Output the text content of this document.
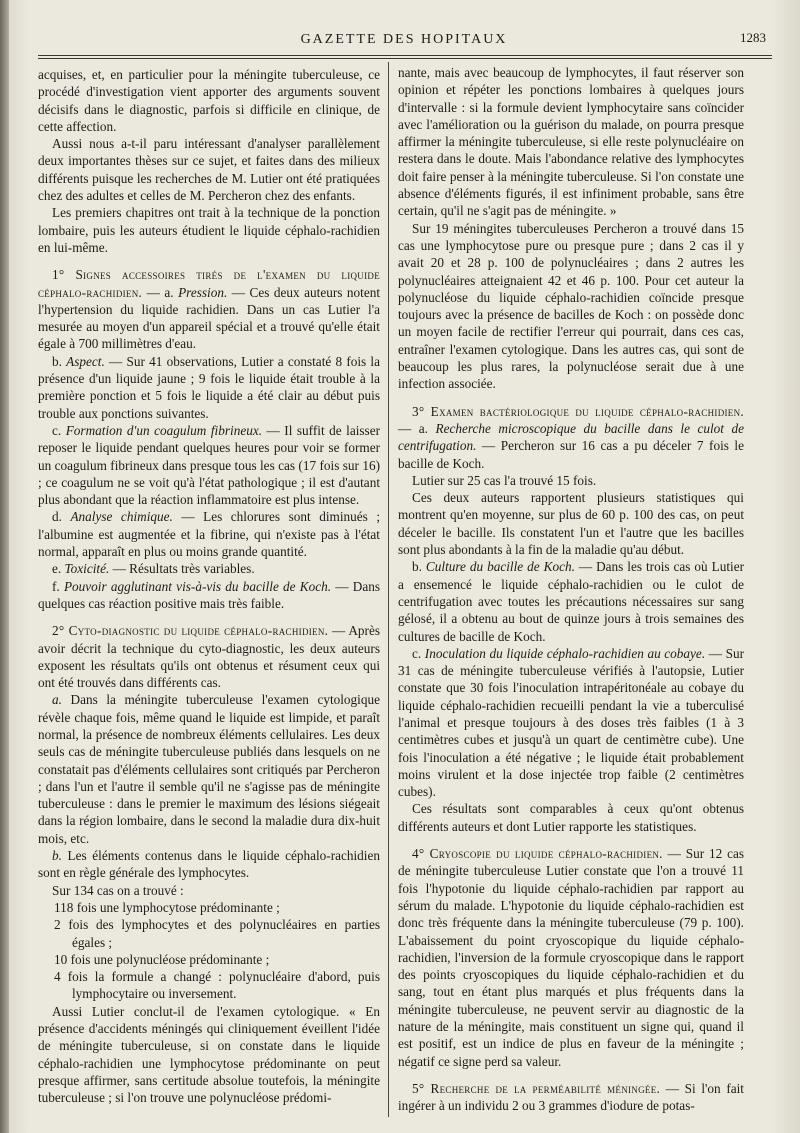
GAZETTE DES HOPITAUX	1283

acquises, et, en particulier pour la méningite tuberculeuse, ce procédé d'investigation vient apporter des arguments souvent décisifs dans le diagnostic, parfois si difficile en clinique, de cette affection.

Aussi nous a-t-il paru intéressant d'analyser parallèlement deux importantes thèses sur ce sujet, et faites dans des milieux différents puisque les recherches de M. Lutier ont été pratiquées chez des adultes et celles de M. Percheron chez des enfants.

Les premiers chapitres ont trait à la technique de la ponction lombaire, puis les auteurs étudient le liquide céphalo-rachidien en lui-même.

1° Signes accessoires tirés de l'examen du liquide céphalo-rachidien. — a. Pression. — Ces deux auteurs notent l'hypertension du liquide rachidien. Dans un cas Lutier l'a mesurée au moyen d'un appareil spécial et a trouvé qu'elle était égale à 700 millimètres d'eau.

b. Aspect. — Sur 41 observations, Lutier a constaté 8 fois la présence d'un liquide jaune ; 9 fois le liquide était trouble à la première ponction et 5 fois le liquide a été clair au début puis trouble aux ponctions suivantes.

c. Formation d'un coagulum fibrineux. — Il suffit de laisser reposer le liquide pendant quelques heures pour voir se former un coagulum fibrineux dans presque tous les cas (17 fois sur 16) ; ce coagulum ne se voit qu'à l'état pathologique ; il est d'autant plus abondant que la réaction inflammatoire est plus intense.

d. Analyse chimique. — Les chlorures sont diminués ; l'albumine est augmentée et la fibrine, qui n'existe pas à l'état normal, apparaît en plus ou moins grande quantité.

e. Toxicité. — Résultats très variables.

f. Pouvoir agglutinant vis-à-vis du bacille de Koch. — Dans quelques cas réaction positive mais très faible.

2° Cyto-diagnostic du liquide céphalo-rachidien. — Après avoir décrit la technique du cyto-diagnostic, les deux auteurs exposent les résultats qu'ils ont obtenus et résument ceux qui ont été trouvés dans différents cas.

a. Dans la méningite tuberculeuse l'examen cytologique révèle chaque fois, même quand le liquide est limpide, et paraît normal, la présence de nombreux éléments cellulaires. Les deux seuls cas de méningite tuberculeuse publiés dans lesquels on ne constatait pas d'éléments cellulaires sont critiqués par Percheron ; dans l'un et l'autre il semble qu'il ne s'agisse pas de méningite tuberculeuse : dans le premier le maximum des lésions siégeait dans la région lombaire, dans le second la maladie dura dix-huit mois, etc.

b. Les éléments contenus dans le liquide céphalo-rachidien sont en règle générale des lymphocytes.

Sur 134 cas on a trouvé :

118 fois une lymphocytose prédominante ;
2 fois des lymphocytes et des polynucléaires en parties égales ;
10 fois une polynucléose prédominante ;
4 fois la formule a changé : polynucléaire d'abord, puis lymphocytaire ou inversement.

Aussi Lutier conclut-il de l'examen cytologique. « En présence d'accidents méningés qui cliniquement éveillent l'idée de méningite tuberculeuse, si on constate dans le liquide céphalo-rachidien une lymphocytose prédominante on peut presque affirmer, sans certitude absolue toutefois, la méningite tuberculeuse ; si l'on trouve une polynucléose prédomi-

nante, mais avec beaucoup de lymphocytes, il faut réserver son opinion et répéter les ponctions lombaires à quelques jours d'intervalle : si la formule devient lymphocytaire sans coïncider avec l'amélioration ou la guérison du malade, on pourra presque affirmer la méningite tuberculeuse, si elle reste polynucléaire on restera dans le doute. Mais l'abondance relative des lymphocytes doit faire penser à la méningite tuberculeuse. Si l'on constate une absence d'éléments figurés, il est infiniment probable, sans être certain, qu'il ne s'agit pas de méningite. »

Sur 19 méningites tuberculeuses Percheron a trouvé dans 15 cas une lymphocytose pure ou presque pure ; dans 2 cas il y avait 20 et 28 p. 100 de polynucléaires ; dans 2 autres les polynucléaires atteignaient 42 et 46 p. 100. Pour cet auteur la polynucléose du liquide céphalo-rachidien coïncide presque toujours avec la présence de bacilles de Koch : on possède donc un moyen facile de rectifier l'erreur qui pourrait, dans ces cas, entraîner l'examen cytologique. Dans les autres cas, qui sont de beaucoup les plus rares, la polynucléose serait due à une infection associée.

3° Examen bactériologique du liquide céphalo-rachidien. — a. Recherche microscopique du bacille dans le culot de centrifugation. — Percheron sur 16 cas a pu déceler 7 fois le bacille de Koch.

Lutier sur 25 cas l'a trouvé 15 fois.

Ces deux auteurs rapportent plusieurs statistiques qui montrent qu'en moyenne, sur plus de 60 p. 100 des cas, on peut déceler le bacille. Ils constatent l'un et l'autre que les bacilles sont plus abondants à la fin de la maladie qu'au début.

b. Culture du bacille de Koch. — Dans les trois cas où Lutier a ensemencé le liquide céphalo-rachidien ou le culot de centrifugation avec toutes les précautions nécessaires sur sang gélosé, il a obtenu au bout de quinze jours à trois semaines des cultures de bacille de Koch.

c. Inoculation du liquide céphalo-rachidien au cobaye. — Sur 31 cas de méningite tuberculeuse vérifiés à l'autopsie, Lutier constate que 30 fois l'inoculation intrapéritonéale au cobaye du liquide céphalo-rachidien recueilli pendant la vie a tuberculisé l'animal et presque toujours à des doses très faibles (1 à 3 centimètres cubes et jusqu'à un quart de centimètre cube). Une fois l'inoculation a été négative ; le liquide était probablement moins virulent et la dose injectée trop faible (2 centimètres cubes).

Ces résultats sont comparables à ceux qu'ont obtenus différents auteurs et dont Lutier rapporte les statistiques.

4° Cryoscopie du liquide céphalo-rachidien. — Sur 12 cas de méningite tuberculeuse Lutier constate que l'on a trouvé 11 fois l'hypotonie du liquide céphalo-rachidien par rapport au sérum du malade. L'hypotonie du liquide céphalo-rachidien est donc très fréquente dans la méningite tuberculeuse (79 p. 100). L'abaissement du point cryoscopique du liquide céphalo-rachidien, l'inversion de la formule cryoscopique dans le rapport des points cryoscopiques du liquide céphalo-rachidien et du sang, tout en étant plus marqués et plus fréquents dans la méningite tuberculeuse, ne peuvent servir au diagnostic de la nature de la méningite, mais constituent un signe qui, quand il est positif, est un indice de plus en faveur de la méningite ; négatif ce signe perd sa valeur.

5° Recherche de la perméabilité méningée. — Si l'on fait ingérer à un individu 2 ou 3 grammes d'iodure de potas-
